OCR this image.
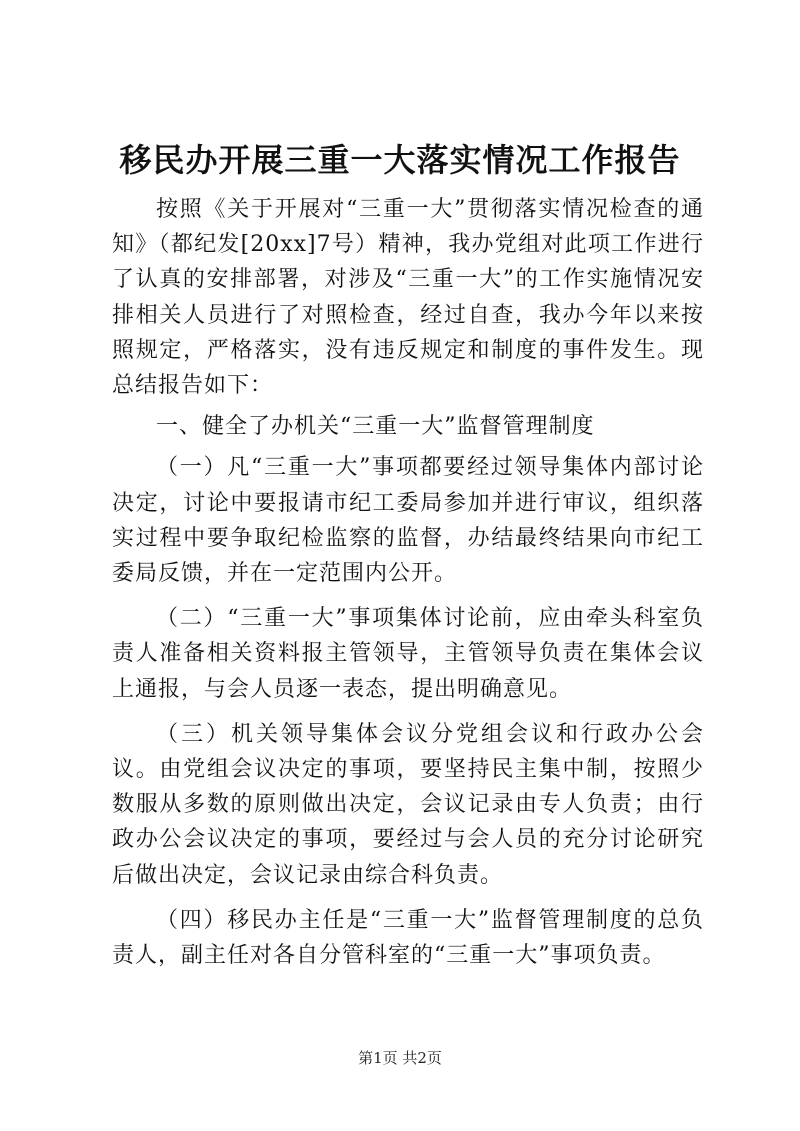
移民办开展三重一大落实情况工作报告

按照《关于开展对“三重一大”贯彻落实情况检查的通知》（都纪发[20xx]7号）精神，我办党组对此项工作进行了认真的安排部署，对涉及“三重一大”的工作实施情况安排相关人员进行了对照检查，经过自查，我办今年以来按照规定，严格落实，没有违反规定和制度的事件发生。现总结报告如下：

一、健全了办机关“三重一大”监督管理制度

（一）凡“三重一大”事项都要经过领导集体内部讨论决定，讨论中要报请市纪工委局参加并进行审议，组织落实过程中要争取纪检监察的监督，办结最终结果向市纪工委局反馈，并在一定范围内公开。

（二）“三重一大”事项集体讨论前，应由牵头科室负责人准备相关资料报主管领导，主管领导负责在集体会议上通报，与会人员逐一表态，提出明确意见。

（三）机关领导集体会议分党组会议和行政办公会议。由党组会议决定的事项，要坚持民主集中制，按照少数服从多数的原则做出决定，会议记录由专人负责；由行政办公会议决定的事项，要经过与会人员的充分讨论研究后做出决定，会议记录由综合科负责。

（四）移民办主任是“三重一大”监督管理制度的总负责人，副主任对各自分管科室的“三重一大”事项负责。

第1页 共2页
